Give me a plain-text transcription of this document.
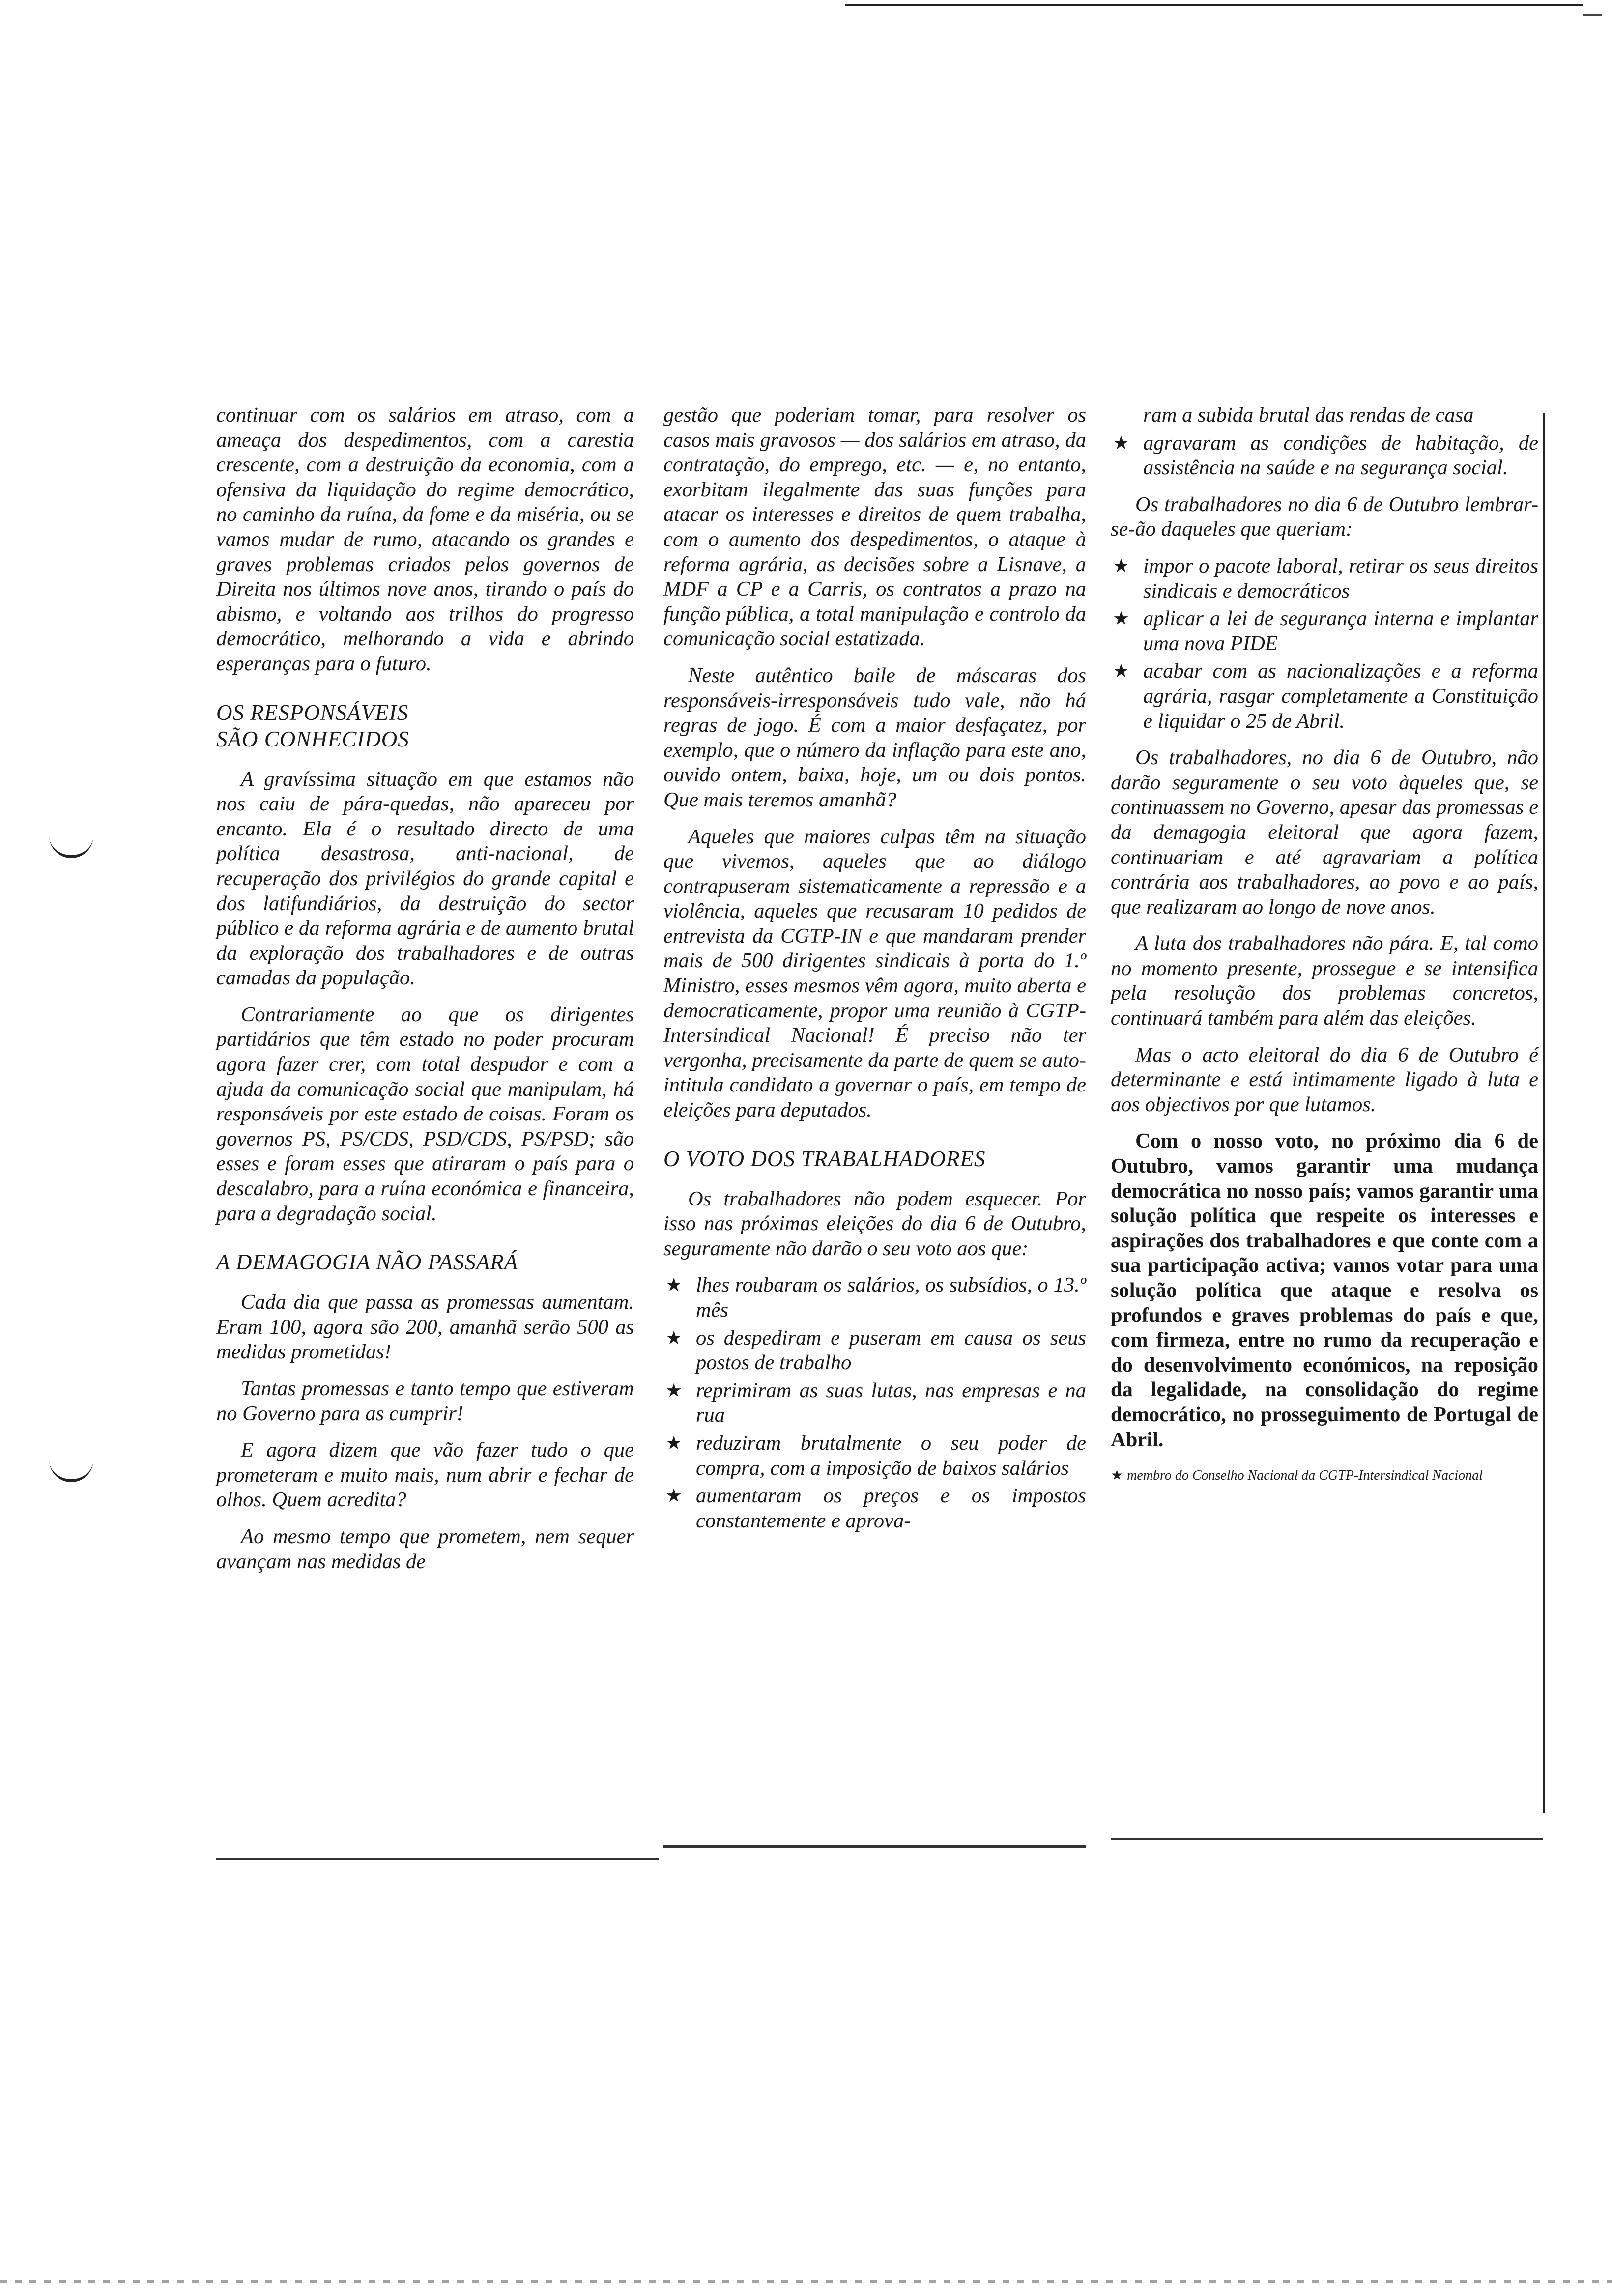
continuar com os salários em atraso, com a ameaça dos despedimentos, com a carestia crescente, com a destruição da economia, com a ofensiva da liquidação do regime democrático, no caminho da ruína, da fome e da miséria, ou se vamos mudar de rumo, atacando os grandes e graves problemas criados pelos governos de Direita nos últimos nove anos, tirando o país do abismo, e voltando aos trilhos do progresso democrático, melhorando a vida e abrindo esperanças para o futuro.

OS RESPONSÁVEIS
SÃO CONHECIDOS

A gravíssima situação em que estamos não nos caiu de pára-quedas, não apareceu por encanto. Ela é o resultado directo de uma política desastrosa, anti-nacional, de recuperação dos privilégios do grande capital e dos latifundiários, da destruição do sector público e da reforma agrária e de aumento brutal da exploração dos trabalhadores e de outras camadas da população.

Contrariamente ao que os dirigentes partidários que têm estado no poder procuram agora fazer crer, com total despudor e com a ajuda da comunicação social que manipulam, há responsáveis por este estado de coisas. Foram os governos PS, PS/CDS, PSD/CDS, PS/PSD; são esses e foram esses que atiraram o país para o descalabro, para a ruína económica e financeira, para a degradação social.

A DEMAGOGIA NÃO PASSARÁ

Cada dia que passa as promessas aumentam. Eram 100, agora são 200, amanhã serão 500 as medidas prometidas!

Tantas promessas e tanto tempo que estiveram no Governo para as cumprir!

E agora dizem que vão fazer tudo o que prometeram e muito mais, num abrir e fechar de olhos. Quem acredita?

Ao mesmo tempo que prometem, nem sequer avançam nas medidas de

gestão que poderiam tomar, para resolver os casos mais gravosos — dos salários em atraso, da contratação, do emprego, etc. — e, no entanto, exorbitam ilegalmente das suas funções para atacar os interesses e direitos de quem trabalha, com o aumento dos despedimentos, o ataque à reforma agrária, as decisões sobre a Lisnave, a MDF a CP e a Carris, os contratos a prazo na função pública, a total manipulação e controlo da comunicação social estatizada.

Neste autêntico baile de máscaras dos responsáveis-irresponsáveis tudo vale, não há regras de jogo. É com a maior desfaçatez, por exemplo, que o número da inflação para este ano, ouvido ontem, baixa, hoje, um ou dois pontos. Que mais teremos amanhã?

Aqueles que maiores culpas têm na situação que vivemos, aqueles que ao diálogo contrapuseram sistematicamente a repressão e a violência, aqueles que recusaram 10 pedidos de entrevista da CGTP-IN e que mandaram prender mais de 500 dirigentes sindicais à porta do 1.º Ministro, esses mesmos vêm agora, muito aberta e democraticamente, propor uma reunião à CGTP-Intersindical Nacional! É preciso não ter vergonha, precisamente da parte de quem se auto-intitula candidato a governar o país, em tempo de eleições para deputados.

O VOTO DOS TRABALHADORES

Os trabalhadores não podem esquecer. Por isso nas próximas eleições do dia 6 de Outubro, seguramente não darão o seu voto aos que:

★ lhes roubaram os salários, os subsídios, o 13.º mês
★ os despediram e puseram em causa os seus postos de trabalho
★ reprimiram as suas lutas, nas empresas e na rua
★ reduziram brutalmente o seu poder de compra, com a imposição de baixos salários
★ aumentaram os preços e os impostos constantemente e aprova-
ram a subida brutal das rendas de casa
★ agravaram as condições de habitação, de assistência na saúde e na segurança social.

Os trabalhadores no dia 6 de Outubro lembrar-se-ão daqueles que queriam:

★ impor o pacote laboral, retirar os seus direitos sindicais e democráticos
★ aplicar a lei de segurança interna e implantar uma nova PIDE
★ acabar com as nacionalizações e a reforma agrária, rasgar completamente a Constituição e liquidar o 25 de Abril.

Os trabalhadores, no dia 6 de Outubro, não darão seguramente o seu voto àqueles que, se continuassem no Governo, apesar das promessas e da demagogia eleitoral que agora fazem, continuariam e até agravariam a política contrária aos trabalhadores, ao povo e ao país, que realizaram ao longo de nove anos.

A luta dos trabalhadores não pára. E, tal como no momento presente, prossegue e se intensifica pela resolução dos problemas concretos, continuará também para além das eleições.

Mas o acto eleitoral do dia 6 de Outubro é determinante e está intimamente ligado à luta e aos objectivos por que lutamos.

Com o nosso voto, no próximo dia 6 de Outubro, vamos garantir uma mudança democrática no nosso país; vamos garantir uma solução política que respeite os interesses e aspirações dos trabalhadores e que conte com a sua participação activa; vamos votar para uma solução política que ataque e resolva os profundos e graves problemas do país e que, com firmeza, entre no rumo da recuperação e do desenvolvimento económicos, na reposição da legalidade, na consolidação do regime democrático, no prosseguimento de Portugal de Abril.

★ membro do Conselho Nacional da CGTP-Intersindical Nacional
